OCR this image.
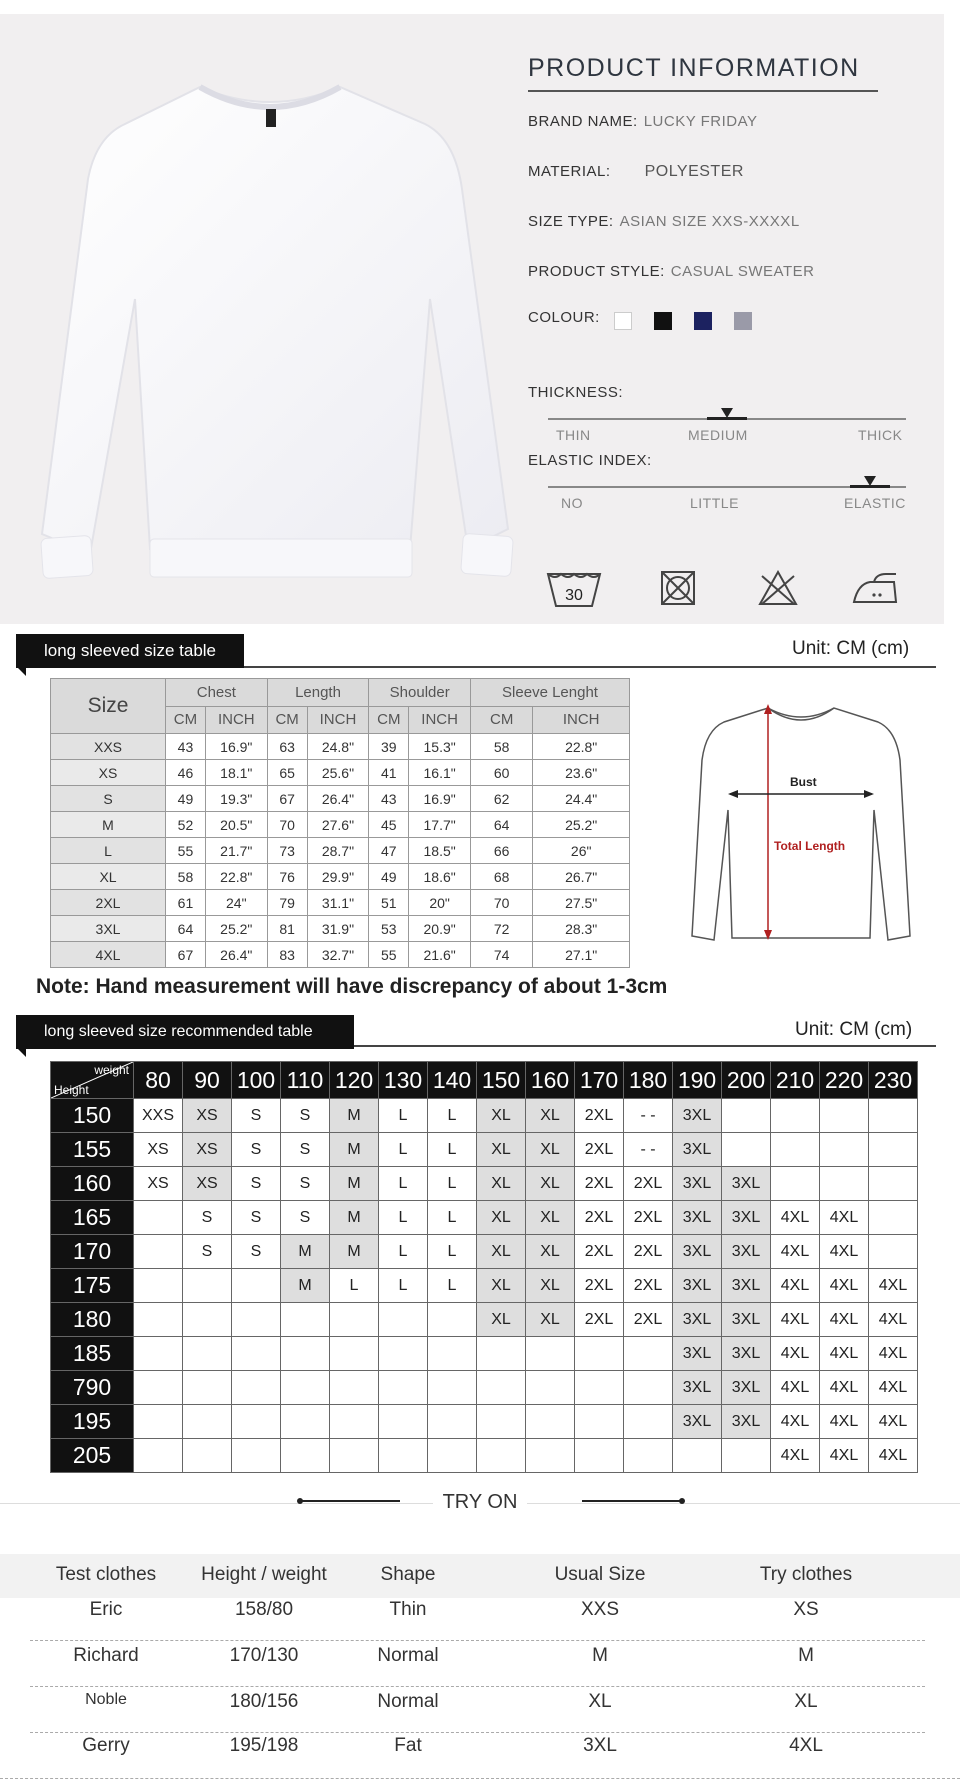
PRODUCT INFORMATION
BRAND NAME: LUCKY FRIDAY
MATERIAL: POLYESTER
SIZE TYPE: ASIAN SIZE XXS-XXXXL
PRODUCT STYLE: CASUAL SWEATER
COLOUR:
THICKNESS:
THIN	MEDIUM	THICK
ELASTIC INDEX:
NO	LITTLE	ELASTIC
30
long sleeved size table	Unit: CM (cm)
Size	Chest		Length		Shoulder		Sleeve Lenght	
	CM	INCH	CM	INCH	CM	INCH	CM	INCH
XXS	43	16.9"	63	24.8"	39	15.3"	58	22.8"
XS	46	18.1"	65	25.6"	41	16.1"	60	23.6"
S	49	19.3"	67	26.4"	43	16.9"	62	24.4"
M	52	20.5"	70	27.6"	45	17.7"	64	25.2"
L	55	21.7"	73	28.7"	47	18.5"	66	26"
XL	58	22.8"	76	29.9"	49	18.6"	68	26.7"
2XL	61	24"	79	31.1"	51	20"	70	27.5"
3XL	64	25.2"	81	31.9"	53	20.9"	72	28.3"
4XL	67	26.4"	83	32.7"	55	21.6"	74	27.1"
Bust
Total Length
Note: Hand measurement will have discrepancy of about 1-3cm
long sleeved size recommended table	Unit: CM (cm)
weight
Height	80	90	100	110	120	130	140	150	160	170	180	190	200	210	220	230
150	XXS	XS	S	S	M	L	L	XL	XL	2XL	- -	3XL				
155	XS	XS	S	S	M	L	L	XL	XL	2XL	- -	3XL				
160	XS	XS	S	S	M	L	L	XL	XL	2XL	2XL	3XL	3XL			
165		S	S	S	M	L	L	XL	XL	2XL	2XL	3XL	3XL	4XL	4XL	
170		S	S	M	M	L	L	XL	XL	2XL	2XL	3XL	3XL	4XL	4XL	
175				M	L	L	L	XL	XL	2XL	2XL	3XL	3XL	4XL	4XL	4XL
180								XL	XL	2XL	2XL	3XL	3XL	4XL	4XL	4XL
185												3XL	3XL	4XL	4XL	4XL
790												3XL	3XL	4XL	4XL	4XL
195												3XL	3XL	4XL	4XL	4XL
205														4XL	4XL	4XL
TRY ON
Test clothes	Height / weight	Shape	Usual Size	Try clothes
Eric	158/80	Thin	XXS	XS
Richard	170/130	Normal	M	M
Noble	180/156	Normal	XL	XL
Gerry	195/198	Fat	3XL	4XL
